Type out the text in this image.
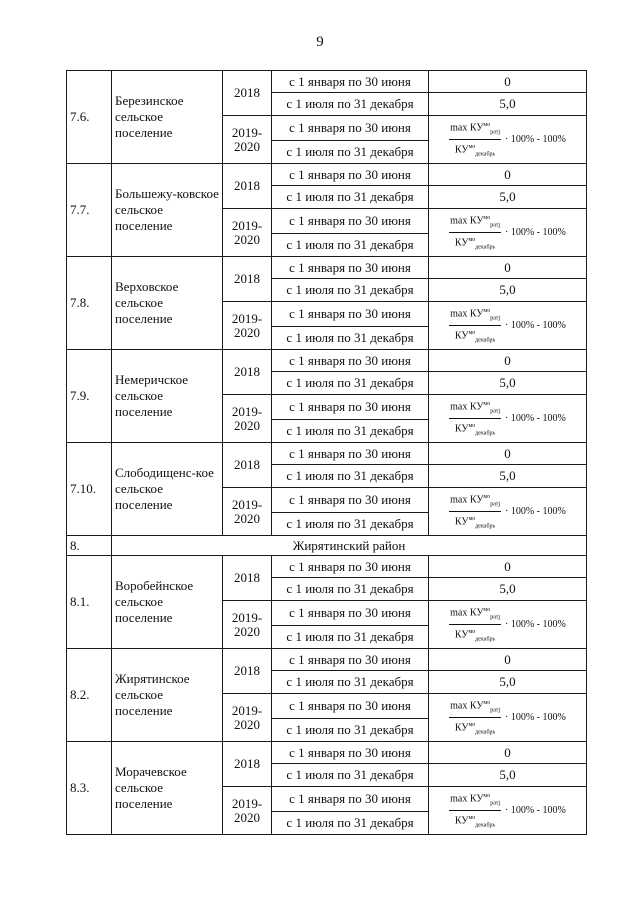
9
7.6.	Березинское сельское поселение	2018	с 1 января по 30 июня	0
			с 1 июля по 31 декабря	5,0
		2019-2020	с 1 января по 30 июня	$\frac{\max КУ^{мо}_{ратj}}{КУ^{мо}_{декабрь}} \cdot 100\% - 100\%$

			с 1 июля по 31 декабря	
7.7.	Большежу-ковское сельское поселение	2018	с 1 января по 30 июня	0
			с 1 июля по 31 декабря	5,0
		2019-2020	с 1 января по 30 июня	$\frac{\max КУ^{мо}_{ратj}}{КУ^{мо}_{декабрь}} \cdot 100\% - 100\%$

			с 1 июля по 31 декабря	
7.8.	Верховское сельское поселение	2018	с 1 января по 30 июня	0
			с 1 июля по 31 декабря	5,0
		2019-2020	с 1 января по 30 июня	$\frac{\max КУ^{мо}_{ратj}}{КУ^{мо}_{декабрь}} \cdot 100\% - 100\%$

			с 1 июля по 31 декабря	
7.9.	Немеричское сельское поселение	2018	с 1 января по 30 июня	0
			с 1 июля по 31 декабря	5,0
		2019-2020	с 1 января по 30 июня	$\frac{\max КУ^{мо}_{ратj}}{КУ^{мо}_{декабрь}} \cdot 100\% - 100\%$

			с 1 июля по 31 декабря	
7.10.	Слободищенс-кое сельское поселение	2018	с 1 января по 30 июня	0
			с 1 июля по 31 декабря	5,0
		2019-2020	с 1 января по 30 июня	$\frac{\max КУ^{мо}_{ратj}}{КУ^{мо}_{декабрь}} \cdot 100\% - 100\%$

			с 1 июля по 31 декабря	
8.	Жирятинский район			
8.1.	Воробейнское сельское поселение	2018	с 1 января по 30 июня	0
			с 1 июля по 31 декабря	5,0
		2019-2020	с 1 января по 30 июня	$\frac{\max КУ^{мо}_{ратj}}{КУ^{мо}_{декабрь}} \cdot 100\% - 100\%$

			с 1 июля по 31 декабря	
8.2.	Жирятинское сельское поселение	2018	с 1 января по 30 июня	0
			с 1 июля по 31 декабря	5,0
		2019-2020	с 1 января по 30 июня	$\frac{\max КУ^{мо}_{ратj}}{КУ^{мо}_{декабрь}} \cdot 100\% - 100\%$

			с 1 июля по 31 декабря	
8.3.	Морачевское сельское поселение	2018	с 1 января по 30 июня	0
			с 1 июля по 31 декабря	5,0
		2019-2020	с 1 января по 30 июня	$\frac{\max КУ^{мо}_{ратj}}{КУ^{мо}_{декабрь}} \cdot 100\% - 100\%$

			с 1 июля по 31 декабря	
